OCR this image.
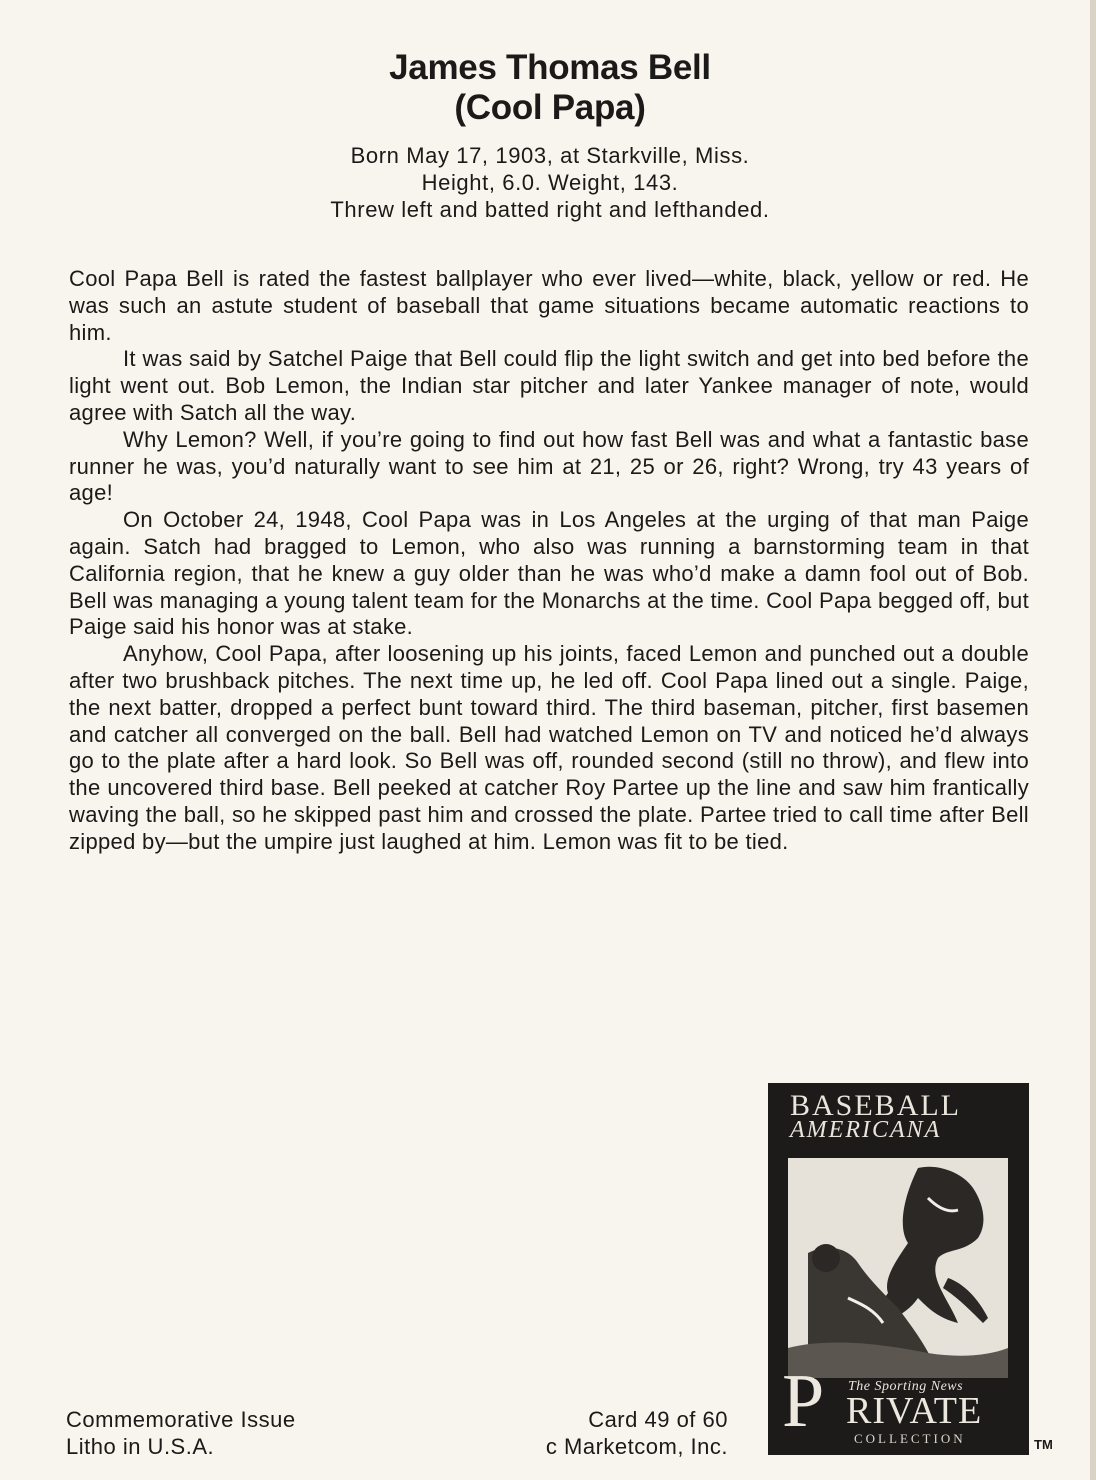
James Thomas Bell
(Cool Papa)
Born May 17, 1903, at Starkville, Miss.
Height, 6.0. Weight, 143.
Threw left and batted right and lefthanded.

Cool Papa Bell is rated the fastest ballplayer who ever lived—white, black, yellow or red. He was such an astute student of baseball that game situations became automatic reactions to him.

It was said by Satchel Paige that Bell could flip the light switch and get into bed before the light went out. Bob Lemon, the Indian star pitcher and later Yankee manager of note, would agree with Satch all the way.

Why Lemon? Well, if you’re going to find out how fast Bell was and what a fantastic base runner he was, you’d naturally want to see him at 21, 25 or 26, right? Wrong, try 43 years of age!

On October 24, 1948, Cool Papa was in Los Angeles at the urging of that man Paige again. Satch had bragged to Lemon, who also was running a barnstorming team in that California region, that he knew a guy older than he was who’d make a damn fool out of Bob. Bell was managing a young talent team for the Monarchs at the time. Cool Papa begged off, but Paige said his honor was at stake.

Anyhow, Cool Papa, after loosening up his joints, faced Lemon and punched out a double after two brushback pitches. The next time up, he led off. Cool Papa lined out a single. Paige, the next batter, dropped a perfect bunt toward third. The third baseman, pitcher, first basemen and catcher all converged on the ball. Bell had watched Lemon on TV and noticed he’d always go to the plate after a hard look. So Bell was off, rounded second (still no throw), and flew into the uncovered third base. Bell peeked at catcher Roy Partee up the line and saw him frantically waving the ball, so he skipped past him and crossed the plate. Partee tried to call time after Bell zipped by—but the umpire just laughed at him. Lemon was fit to be tied.

Commemorative Issue
Litho in U.S.A.
Card 49 of 60
c Marketcom, Inc.
BASEBALL
AMERICANA
P The Sporting News
RIVATE
COLLECTION	TM
